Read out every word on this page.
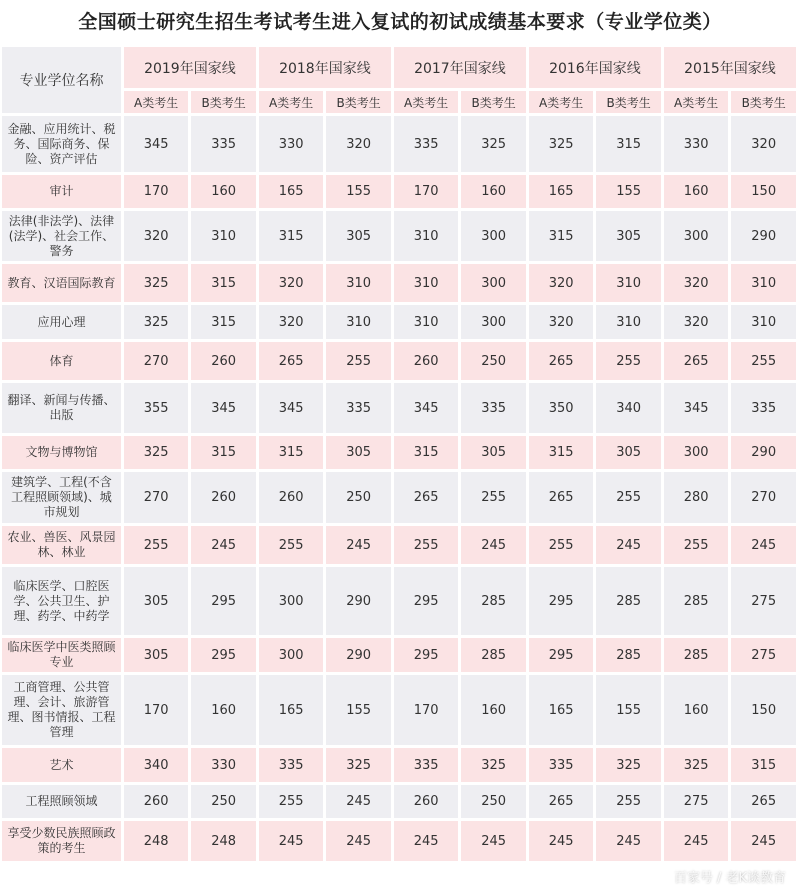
全国硕士研究生招生考试考生进入复试的初试成绩基本要求（专业学位类）
专业学位名称	2019年国家线		2018年国家线		2017年国家线		2016年国家线		2015年国家线	
	A类考生	B类考生	A类考生	B类考生	A类考生	B类考生	A类考生	B类考生	A类考生	B类考生
金融、应用统计、税务、国际商务、保险、资产评估	345	335	330	320	335	325	325	315	330	320
审计	170	160	165	155	170	160	165	155	160	150
法律(非法学)、法律(法学)、社会工作、警务	320	310	315	305	310	300	315	305	300	290
教育、汉语国际教育	325	315	320	310	310	300	320	310	320	310
应用心理	325	315	320	310	310	300	320	310	320	310
体育	270	260	265	255	260	250	265	255	265	255
翻译、新闻与传播、出版	355	345	345	335	345	335	350	340	345	335
文物与博物馆	325	315	315	305	315	305	315	305	300	290
建筑学、工程(不含工程照顾领域)、城市规划	270	260	260	250	265	255	265	255	280	270
农业、兽医、风景园林、林业	255	245	255	245	255	245	255	245	255	245
临床医学、口腔医学、公共卫生、护理、药学、中药学	305	295	300	290	295	285	295	285	285	275
临床医学中医类照顾专业	305	295	300	290	295	285	295	285	285	275
工商管理、公共管理、会计、旅游管理、图书情报、工程管理	170	160	165	155	170	160	165	155	160	150
艺术	340	330	335	325	335	325	335	325	325	315
工程照顾领域	260	250	255	245	260	250	265	255	275	265
享受少数民族照顾政策的考生	248	248	245	245	245	245	245	245	245	245
百家号 / 老K谈教育
